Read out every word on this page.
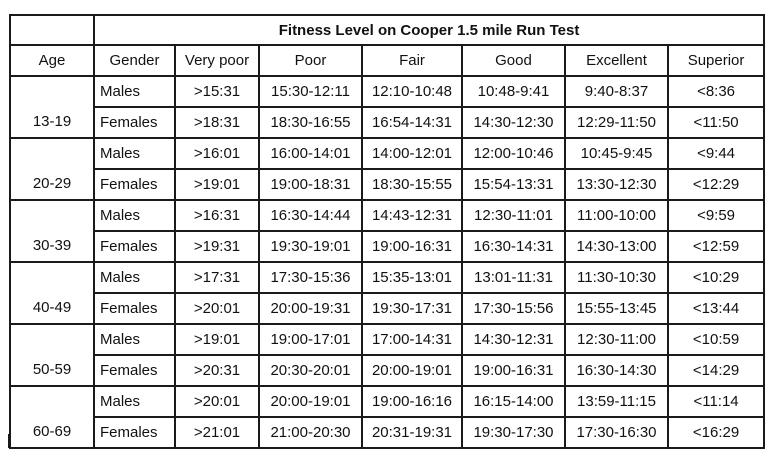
	Fitness Level on Cooper 1.5 mile Run Test						
Age	Gender	Very poor	Poor	Fair	Good	Excellent	Superior
13-19	Males	>15:31	15:30-12:11	12:10-10:48	10:48-9:41	9:40-8:37	<8:36
	Females	>18:31	18:30-16:55	16:54-14:31	14:30-12:30	12:29-11:50	<11:50
20-29	Males	>16:01	16:00-14:01	14:00-12:01	12:00-10:46	10:45-9:45	<9:44
	Females	>19:01	19:00-18:31	18:30-15:55	15:54-13:31	13:30-12:30	<12:29
30-39	Males	>16:31	16:30-14:44	14:43-12:31	12:30-11:01	11:00-10:00	<9:59
	Females	>19:31	19:30-19:01	19:00-16:31	16:30-14:31	14:30-13:00	<12:59
40-49	Males	>17:31	17:30-15:36	15:35-13:01	13:01-11:31	11:30-10:30	<10:29
	Females	>20:01	20:00-19:31	19:30-17:31	17:30-15:56	15:55-13:45	<13:44
50-59	Males	>19:01	19:00-17:01	17:00-14:31	14:30-12:31	12:30-11:00	<10:59
	Females	>20:31	20:30-20:01	20:00-19:01	19:00-16:31	16:30-14:30	<14:29
60-69	Males	>20:01	20:00-19:01	19:00-16:16	16:15-14:00	13:59-11:15	<11:14
	Females	>21:01	21:00-20:30	20:31-19:31	19:30-17:30	17:30-16:30	<16:29
